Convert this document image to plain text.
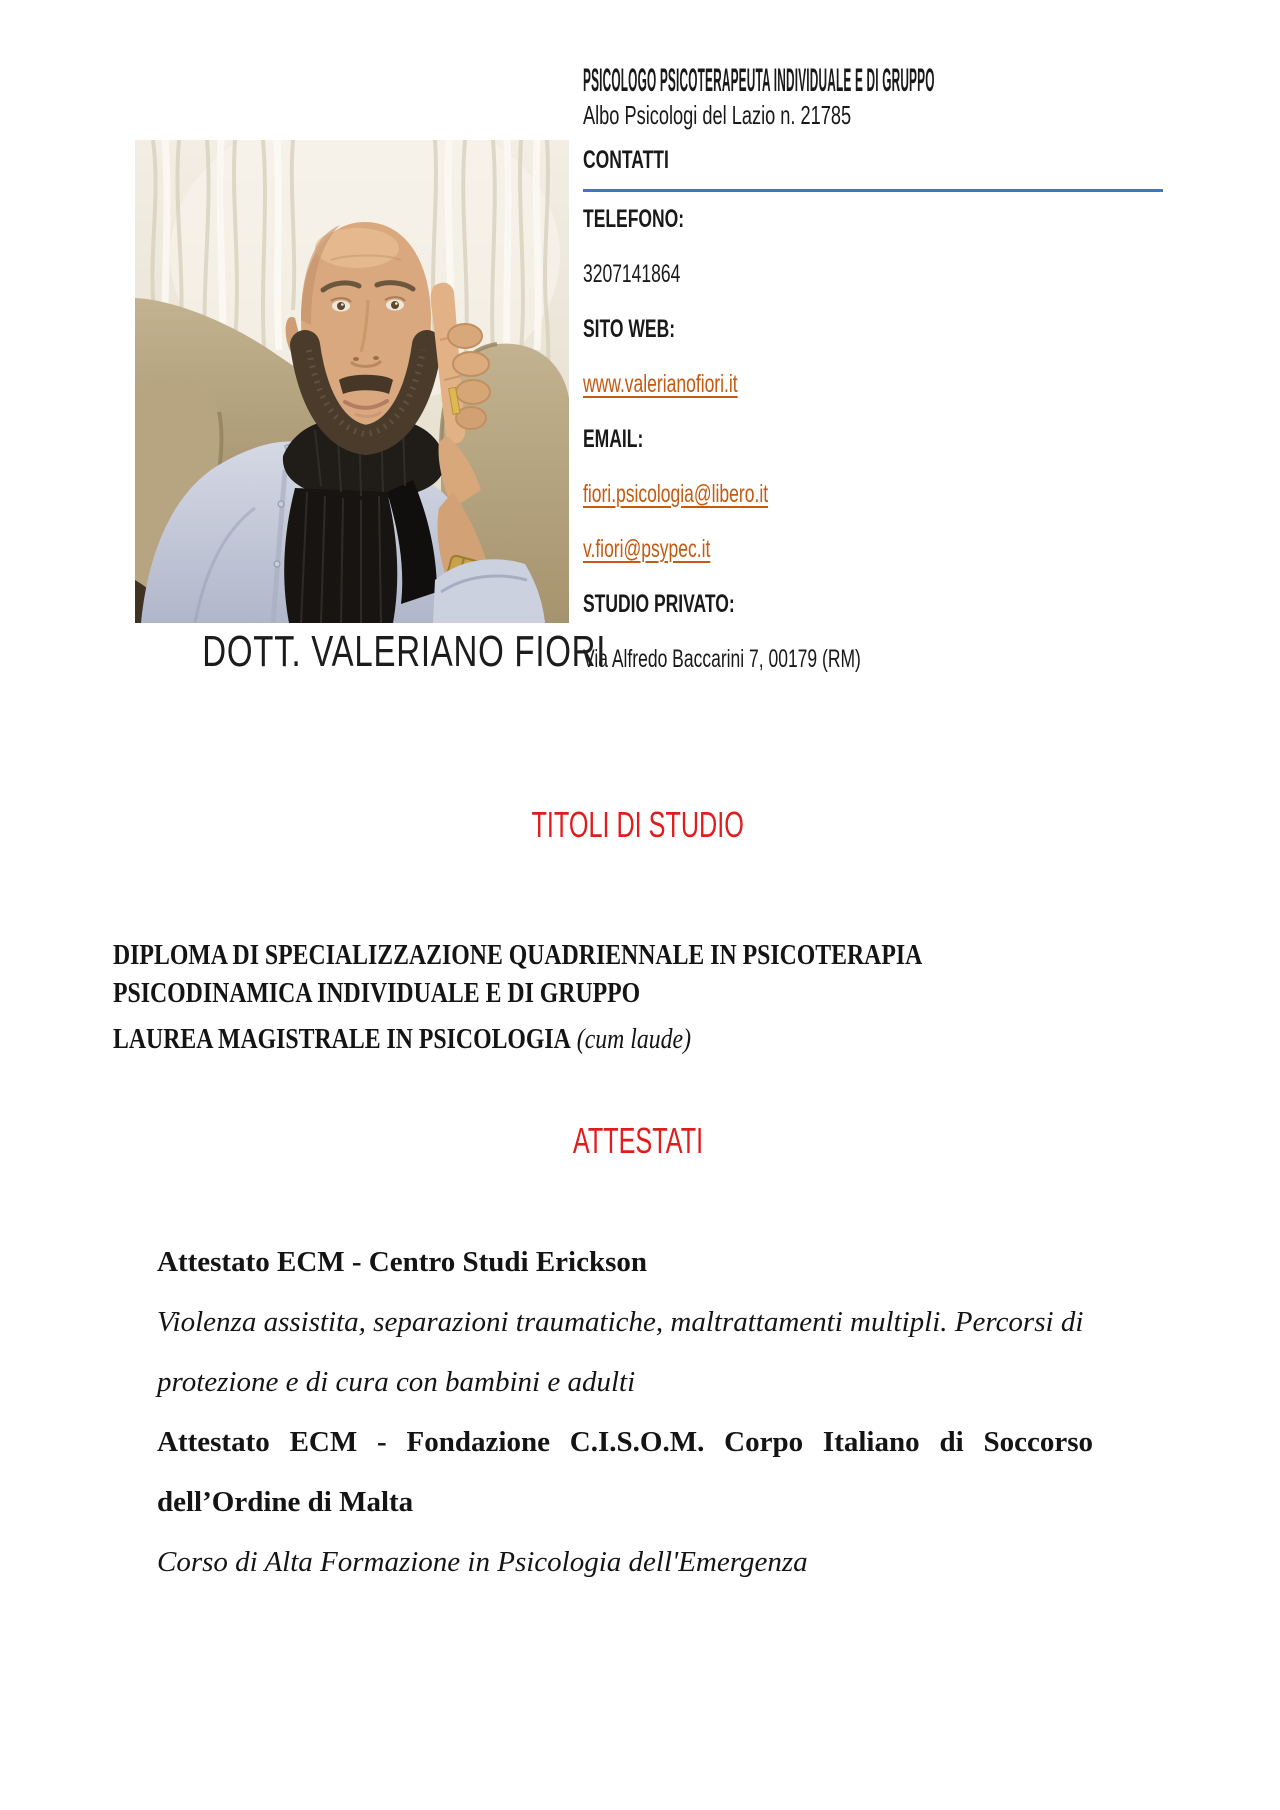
PSICOLOGO PSICOTERAPEUTA INDIVIDUALE E DI GRUPPO
Albo Psicologi del Lazio n. 21785
CONTATTI
TELEFONO:
3207141864
SITO WEB:
www.valerianofiori.it
EMAIL:
fiori.psicologia@libero.it
v.fiori@psypec.it
STUDIO PRIVATO:
Via Alfredo Baccarini 7, 00179 (RM)
DOTT. VALERIANO FIORI
TITOLI DI STUDIO
DIPLOMA DI SPECIALIZZAZIONE QUADRIENNALE IN PSICOTERAPIA
PSICODINAMICA INDIVIDUALE E DI GRUPPO
LAUREA MAGISTRALE IN PSICOLOGIA (cum laude)
ATTESTATI
Attestato ECM - Centro Studi Erickson
Violenza assistita, separazioni traumatiche, maltrattamenti multipli. Percorsi di protezione e di cura con bambini e adulti
Attestato ECM - Fondazione C.I.S.O.M. Corpo Italiano di Soccorso dell’Ordine di Malta
Corso di Alta Formazione in Psicologia dell'Emergenza
